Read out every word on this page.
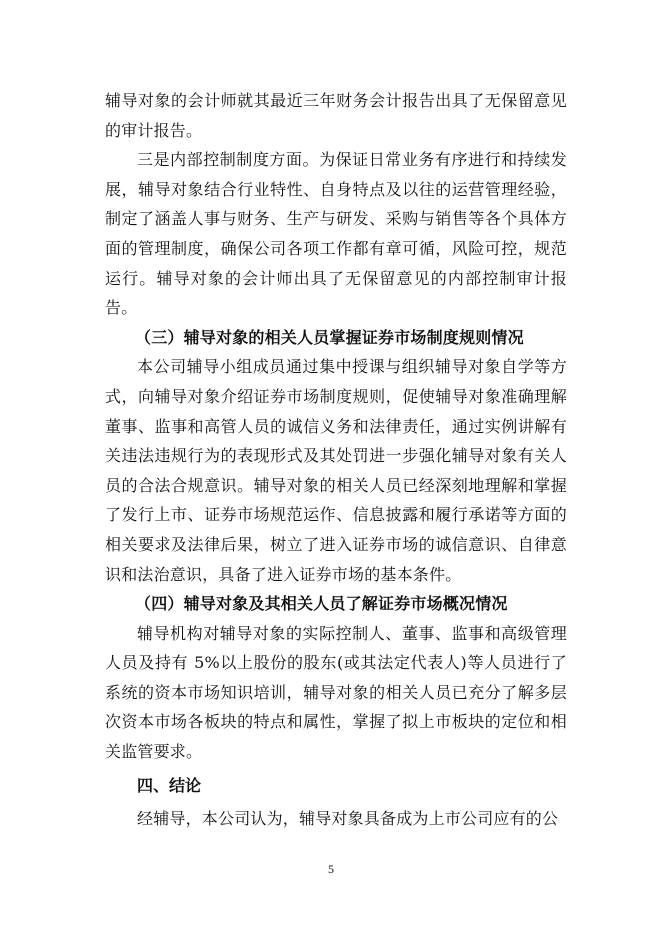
辅导对象的会计师就其最近三年财务会计报告出具了无保留意见的审计报告。

三是内部控制制度方面。为保证日常业务有序进行和持续发展，辅导对象结合行业特性、自身特点及以往的运营管理经验，制定了涵盖人事与财务、生产与研发、采购与销售等各个具体方面的管理制度，确保公司各项工作都有章可循，风险可控，规范运行。辅导对象的会计师出具了无保留意见的内部控制审计报告。

（三）辅导对象的相关人员掌握证券市场制度规则情况

本公司辅导小组成员通过集中授课与组织辅导对象自学等方式，向辅导对象介绍证券市场制度规则，促使辅导对象准确理解董事、监事和高管人员的诚信义务和法律责任，通过实例讲解有关违法违规行为的表现形式及其处罚进一步强化辅导对象有关人员的合法合规意识。辅导对象的相关人员已经深刻地理解和掌握了发行上市、证券市场规范运作、信息披露和履行承诺等方面的相关要求及法律后果，树立了进入证券市场的诚信意识、自律意识和法治意识，具备了进入证券市场的基本条件。

（四）辅导对象及其相关人员了解证券市场概况情况

辅导机构对辅导对象的实际控制人、董事、监事和高级管理人员及持有 5%以上股份的股东(或其法定代表人)等人员进行了系统的资本市场知识培训，辅导对象的相关人员已充分了解多层次资本市场各板块的特点和属性，掌握了拟上市板块的定位和相关监管要求。

四、结论

经辅导，本公司认为，辅导对象具备成为上市公司应有的公

5
